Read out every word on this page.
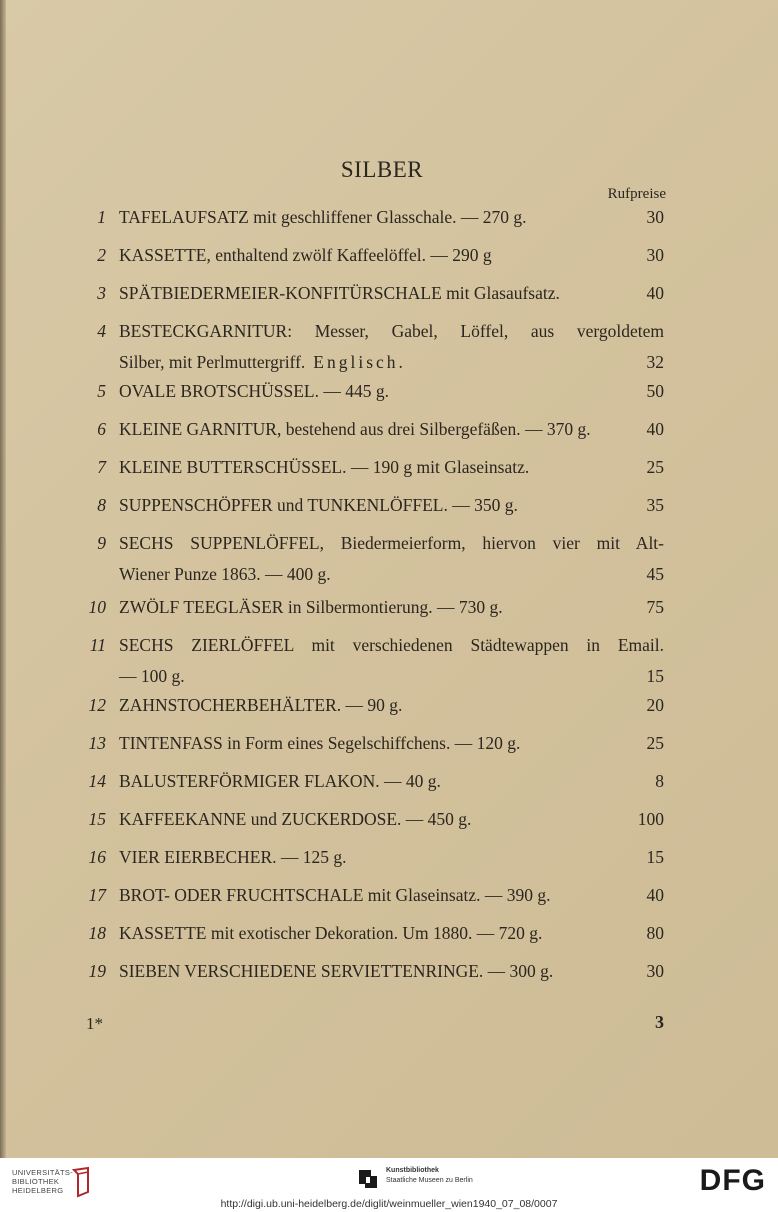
SILBER
Rufpreise
1 TAFELAUFSATZ mit geschliffener Glasschale. — 270 g.	30
2 KASSETTE, enthaltend zwölf Kaffeelöffel. — 290 g	30
3 SPÄTBIEDERMEIER-KONFITÜRSCHALE mit Glasaufsatz.	40
4 BESTECKGARNITUR: Messer, Gabel, Löffel, aus vergoldetem
Silber, mit Perlmuttergriff. Englisch.	32
5 OVALE BROTSCHÜSSEL. — 445 g.	50
6 KLEINE GARNITUR, bestehend aus drei Silbergefäßen. — 370 g.	40
7 KLEINE BUTTERSCHÜSSEL. — 190 g mit Glaseinsatz.	25
8 SUPPENSCHÖPFER und TUNKENLÖFFEL. — 350 g.	35
9 SECHS SUPPENLÖFFEL, Biedermeierform, hiervon vier mit Alt-
Wiener Punze 1863. — 400 g.	45
10 ZWÖLF TEEGLÄSER in Silbermontierung. — 730 g.	75
11 SECHS ZIERLÖFFEL mit verschiedenen Städtewappen in Email.
— 100 g.	15
12 ZAHNSTOCHERBEHÄLTER. — 90 g.	20
13 TINTENFASS in Form eines Segelschiffchens. — 120 g.	25
14 BALUSTERFÖRMIGER FLAKON. — 40 g.	8
15 KAFFEEKANNE und ZUCKERDOSE. — 450 g.	100
16 VIER EIERBECHER. — 125 g.	15
17 BROT- ODER FRUCHTSCHALE mit Glaseinsatz. — 390 g.	40
18 KASSETTE mit exotischer Dekoration. Um 1880. — 720 g.	80
19 SIEBEN VERSCHIEDENE SERVIETTENRINGE. — 300 g.	30
1*	3
UNIVERSITÄTS-
BIBLIOTHEK
HEIDELBERG
Kunstbibliothek
Staatliche Museen zu Berlin	DFG
http://digi.ub.uni-heidelberg.de/diglit/weinmueller_wien1940_07_08/0007
